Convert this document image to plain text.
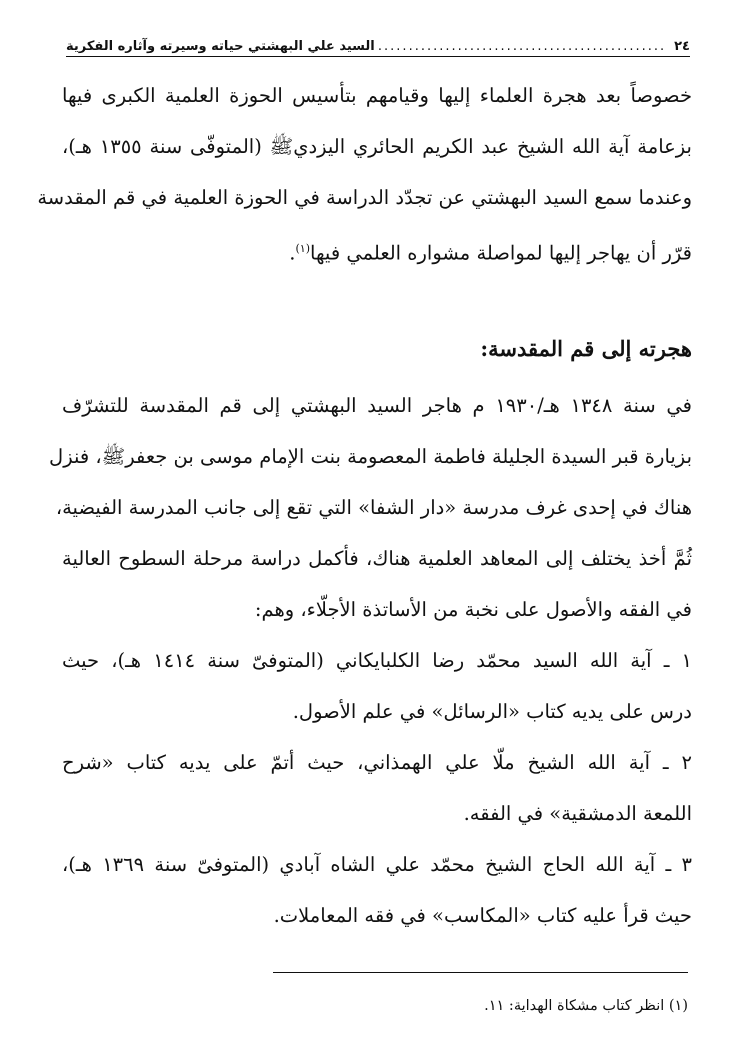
٢٤
.....
السيد علي البهشتي حياته وسيرته وآثاره الفكرية
خصوصاً بعد هجرة العلماء إليها وقيامهم بتأسيس الحوزة العلمية الكبرى فيها
بزعامة آية الله الشيخ عبد الكريم الحائري اليزديﷺ (المتوفّى سنة ١٣٥٥ هـ)،
وعندما سمع السيد البهشتي عن تجدّد الدراسة في الحوزة العلمية في قم المقدسة
قرّر أن يهاجر إليها لمواصلة مشواره العلمي فيها$^{(١)}$.
هجرته إلى قم المقدسة:
في سنة ١٣٤٨ هـ/١٩٣٠ م هاجر السيد البهشتي إلى قم المقدسة للتشرّف
بزيارة قبر السيدة الجليلة فاطمة المعصومة بنت الإمام موسى بن جعفرﷺ، فنزل
هناك في إحدى غرف مدرسة «دار الشفا» التي تقع إلى جانب المدرسة الفيضية،
ثُمَّ أخذ يختلف إلى المعاهد العلمية هناك، فأكمل دراسة مرحلة السطوح العالية
في الفقه والأصول على نخبة من الأساتذة الأجلّاء، وهم:
١ ـ آية الله السيد محمّد رضا الكلبايكاني (المتوفىّ سنة ١٤١٤ هـ)، حيث
درس على يديه كتاب «الرسائل» في علم الأصول.
٢ ـ آية الله الشيخ ملّا علي الهمذاني، حيث أتمّ على يديه كتاب «شرح
اللمعة الدمشقية» في الفقه.
٣ ـ آية الله الحاج الشيخ محمّد علي الشاه آبادي (المتوفىّ سنة ١٣٦٩ هـ)،
حيث قرأ عليه كتاب «المكاسب» في فقه المعاملات.
(١) انظر كتاب مشكاة الهداية: ١١.
